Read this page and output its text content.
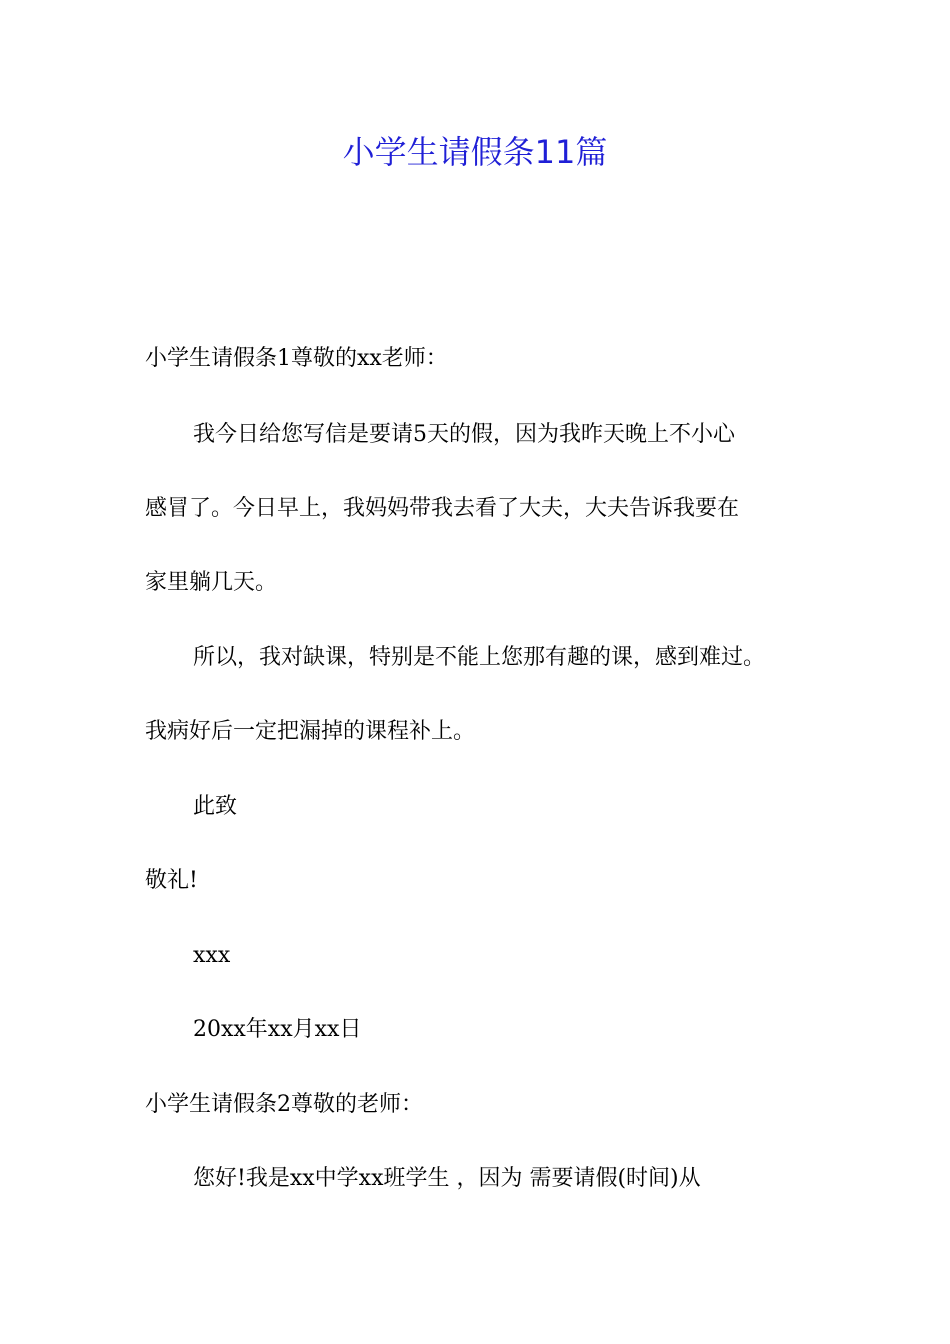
小学生请假条11篇

小学生请假条1尊敬的xx老师：

我今日给您写信是要请5天的假，因为我昨天晚上不小心

感冒了。今日早上，我妈妈带我去看了大夫，大夫告诉我要在

家里躺几天。

所以，我对缺课，特别是不能上您那有趣的课，感到难过。

我病好后一定把漏掉的课程补上。

此致

敬礼!

xxx

20xx年xx月xx日

小学生请假条2尊敬的老师：

您好!我是xx中学xx班学生 ，因为 需要请假(时间)从
